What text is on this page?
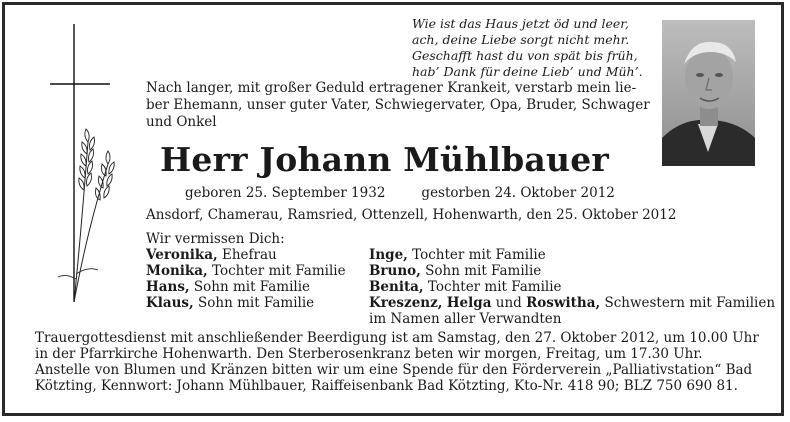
Wie ist das Haus jetzt öd und leer,
ach, deine Liebe sorgt nicht mehr.
Geschafft hast du von spät bis früh,
hab’ Dank für deine Lieb’ und Müh’.
Nach langer, mit großer Geduld ertragener Krankeit, verstarb mein lie-
ber Ehemann, unser guter Vater, Schwiegervater, Opa, Bruder, Schwager
und Onkel
Herr Johann Mühlbauer
geboren 25. September 1932	gestorben 24. Oktober 2012
Ansdorf, Chamerau, Ramsried, Ottenzell, Hohenwarth, den 25. Oktober 2012
Wir vermissen Dich:
Veronika, Ehefrau
Monika, Tochter mit Familie
Hans, Sohn mit Familie
Klaus, Sohn mit Familie
Inge, Tochter mit Familie
Bruno, Sohn mit Familie
Benita, Tochter mit Familie
Kreszenz, Helga und Roswitha, Schwestern mit Familien
im Namen aller Verwandten
Trauergottesdienst mit anschließender Beerdigung ist am Samstag, den 27. Oktober 2012, um 10.00 Uhr
in der Pfarrkirche Hohenwarth. Den Sterberosenkranz beten wir morgen, Freitag, um 17.30 Uhr.
Anstelle von Blumen und Kränzen bitten wir um eine Spende für den Förderverein „Palliativstation“ Bad
Kötzting, Kennwort: Johann Mühlbauer, Raiffeisenbank Bad Kötzting, Kto-Nr. 418 90; BLZ 750 690 81.
